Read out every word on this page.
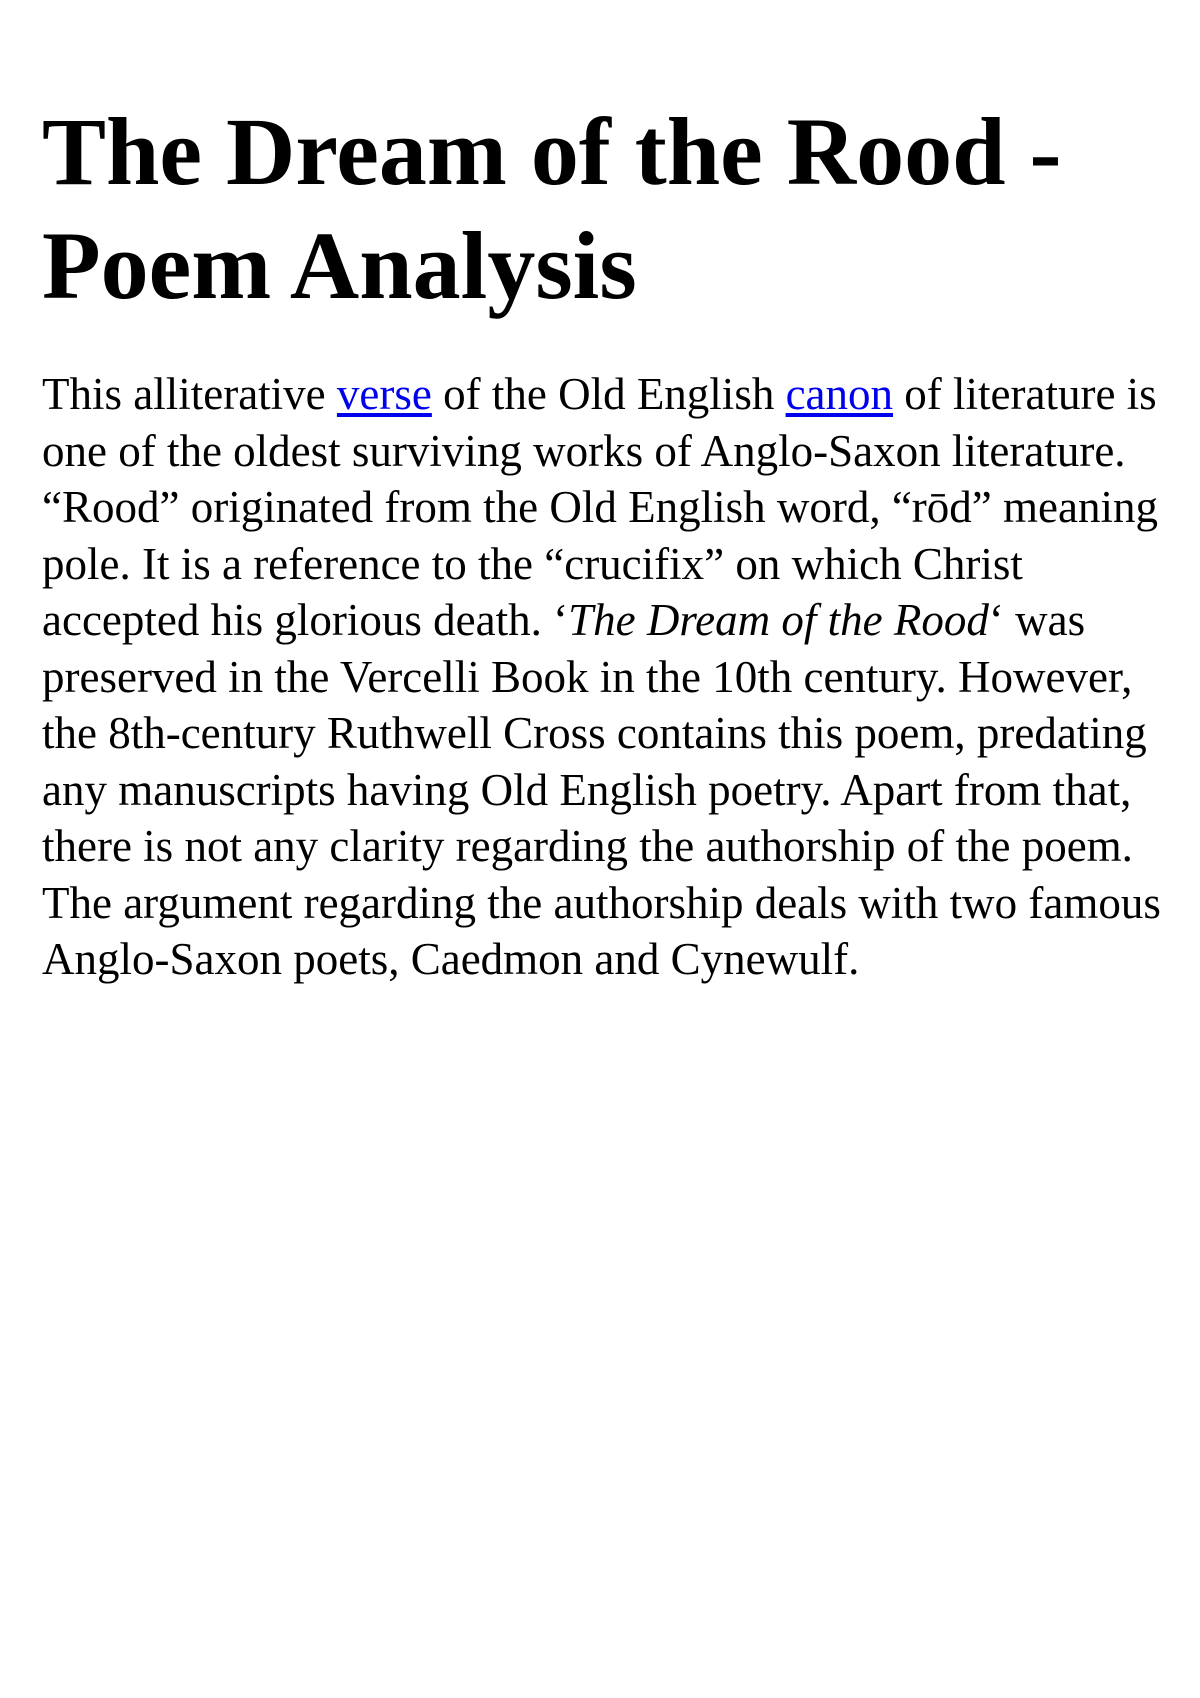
The Dream of the Rood - Poem Analysis

This alliterative verse of the Old English canon of literature is one of the oldest surviving works of Anglo-Saxon literature. “Rood” originated from the Old English word, “rōd” meaning pole. It is a reference to the “crucifix” on which Christ accepted his glorious death. ‘The Dream of the Rood‘ was preserved in the Vercelli Book in the 10th century. However, the 8th-century Ruthwell Cross contains this poem, predating any manuscripts having Old English poetry. Apart from that, there is not any clarity regarding the authorship of the poem. The argument regarding the authorship deals with two famous Anglo-Saxon poets, Caedmon and Cynewulf.
